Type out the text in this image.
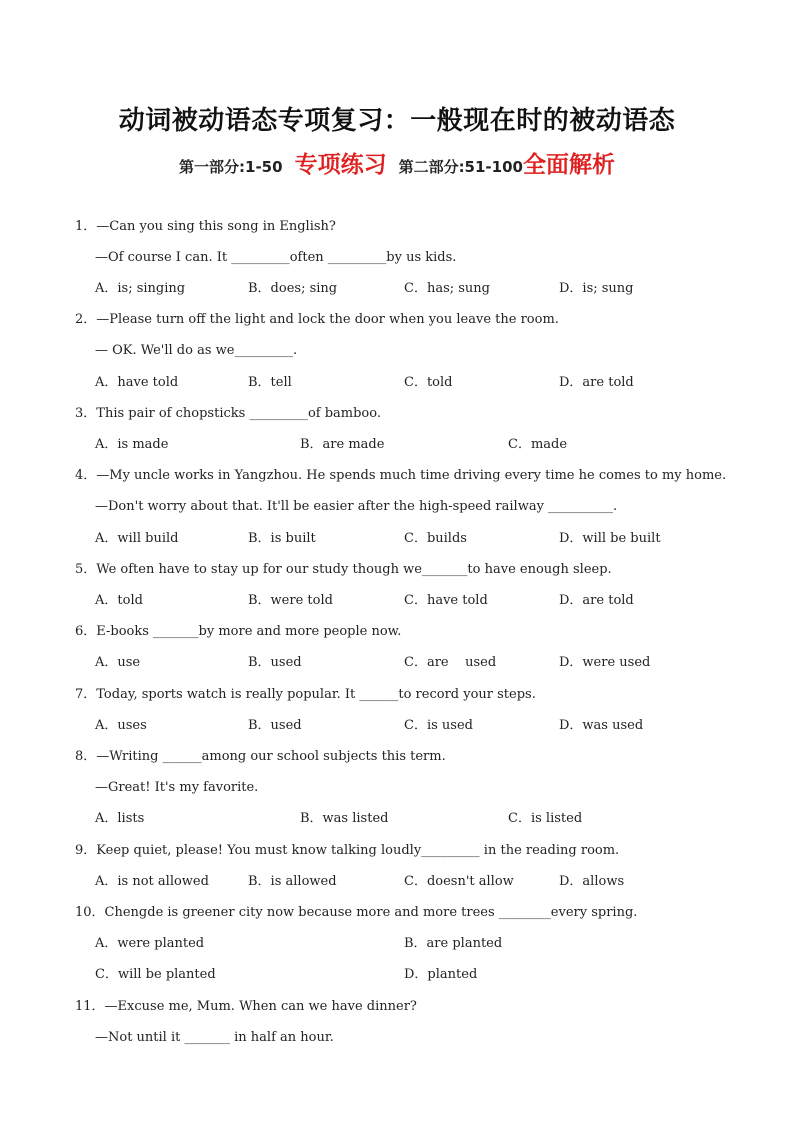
动词被动语态专项复习：一般现在时的被动语态
第一部分:1-50 专项练习 第二部分:51-100全面解析
1．—Can you sing this song in English?
—Of course I can. It _________often _________by us kids.
A．is; singing	B．does; sing	C．has; sung	D．is; sung
2．—Please turn off the light and lock the door when you leave the room.
— OK. We'll do as we_________.
A．have told	B．tell	C．told	D．are told
3．This pair of chopsticks _________of bamboo.
A．is made	B．are made	C．made
4．—My uncle works in Yangzhou. He spends much time driving every time he comes to my home.
—Don't worry about that. It'll be easier after the high-speed railway __________.
A．will build	B．is built	C．builds	D．will be built
5．We often have to stay up for our study though we_______to have enough sleep.
A．told	B．were told	C．have told	D．are told
6．E-books _______by more and more people now.
A．use	B．used	C．are    used	D．were used
7．Today, sports watch is really popular. It ______to record your steps.
A．uses	B．used	C．is used	D．was used
8．—Writing ______among our school subjects this term.
—Great! It's my favorite.
A．lists	B．was listed	C．is listed
9．Keep quiet, please! You must know talking loudly_________ in the reading room.
A．is not allowed	B．is allowed	C．doesn't allow	D．allows
10．Chengde is greener city now because more and more trees ________every spring.
A．were planted	B．are planted
C．will be planted	D．planted
11．—Excuse me, Mum. When can we have dinner?
—Not until it _______ in half an hour.
